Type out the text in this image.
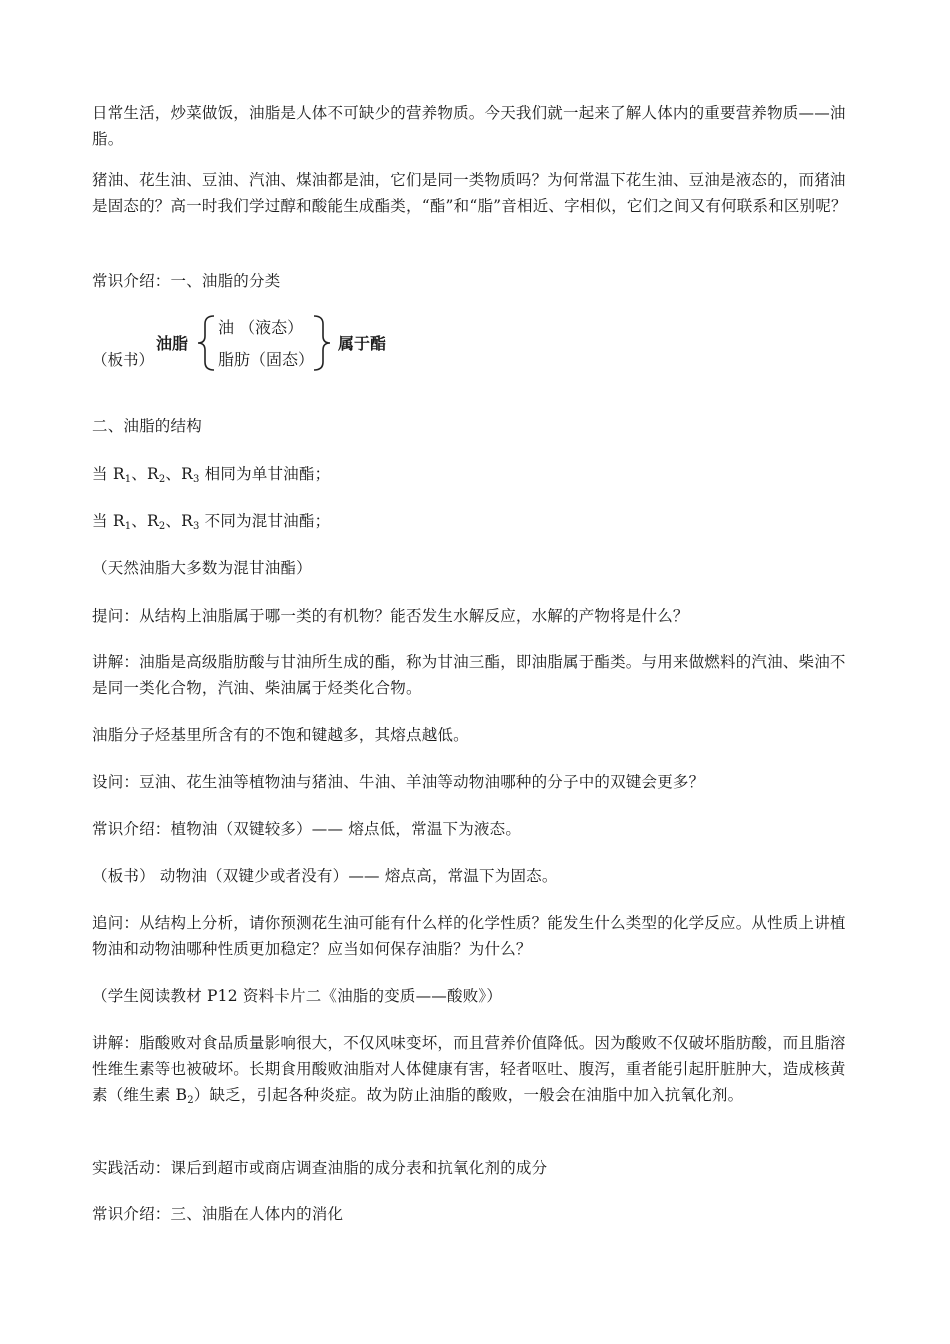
日常生活，炒菜做饭，油脂是人体不可缺少的营养物质。今天我们就一起来了解人体内的重要营养物质——油脂。
猪油、花生油、豆油、汽油、煤油都是油，它们是同一类物质吗？为何常温下花生油、豆油是液态的，而猪油是固态的？高一时我们学过醇和酸能生成酯类，“酯”和“脂”音相近、字相似，它们之间又有何联系和区别呢？
常识介绍：一、油脂的分类
（板书）
油脂
油 （液态）
脂肪（固态）
属于酯
二、油脂的结构
当 $R_1$、$R_2$、$R_3$ 相同为单甘油酯；
当 $R_1$、$R_2$、$R_3$ 不同为混甘油酯；
（天然油脂大多数为混甘油酯）
提问：从结构上油脂属于哪一类的有机物？能否发生水解反应，水解的产物将是什么？
讲解：油脂是高级脂肪酸与甘油所生成的酯，称为甘油三酯，即油脂属于酯类。与用来做燃料的汽油、柴油不是同一类化合物，汽油、柴油属于烃类化合物。
油脂分子烃基里所含有的不饱和键越多，其熔点越低。
设问：豆油、花生油等植物油与猪油、牛油、羊油等动物油哪种的分子中的双键会更多？
常识介绍：植物油（双键较多）—— 熔点低，常温下为液态。
（板书） 动物油（双键少或者没有）—— 熔点高，常温下为固态。
追问：从结构上分析，请你预测花生油可能有什么样的化学性质？能发生什么类型的化学反应。从性质上讲植物油和动物油哪种性质更加稳定？应当如何保存油脂？为什么？
（学生阅读教材 P12 资料卡片二《油脂的变质——酸败》）
讲解：脂酸败对食品质量影响很大，不仅风味变坏，而且营养价值降低。因为酸败不仅破坏脂肪酸，而且脂溶性维生素等也被破坏。长期食用酸败油脂对人体健康有害，轻者呕吐、腹泻，重者能引起肝脏肿大，造成核黄素（维生素 $B_2$）缺乏，引起各种炎症。故为防止油脂的酸败，一般会在油脂中加入抗氧化剂。
实践活动：课后到超市或商店调查油脂的成分表和抗氧化剂的成分
常识介绍：三、油脂在人体内的消化
